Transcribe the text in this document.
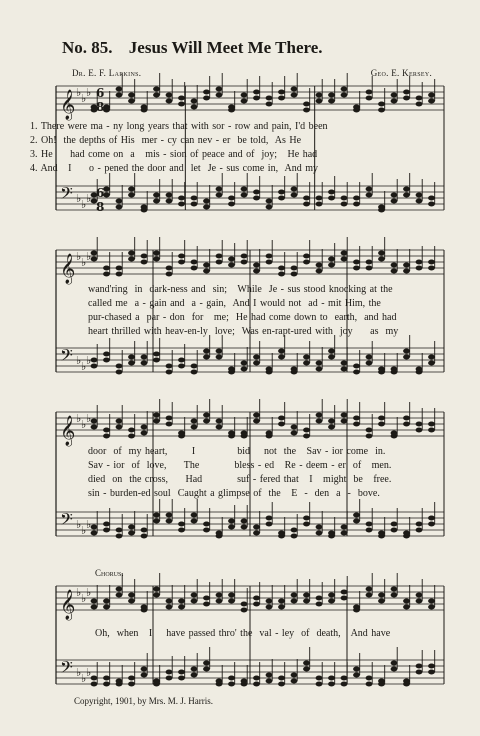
No. 85. Jesus Will Meet Me There.
Dr. E. F. Larkins.	Geo. E. Kersey.
𝄞
𝄢
♭
♭
♭
♭
♭
♭
𝄞
𝄢
♭
♭
♭
♭
♭
♭
𝄞
𝄢
♭
♭
♭
♭
♭
♭
𝄞
𝄢
♭
♭
♭
♭
♭
♭
6
8
6
8
1. There were ma - ny long years that with sor - row and pain, I'd been
2. Oh!  the depths of His  mer - cy can nev - er  be told,  As He
3. He     had come on  a   mis - sion of peace and of  joy;   He had
4. And   I     o - pened the door and  let  Je - sus come in,  And my
wand'ring  in  dark-ness and  sin;   While  Je - sus stood knocking at the
called me  a - gain and  a - gain,  And I would not  ad - mit Him, the
pur-chased a  par - don  for   me;  He had come down to  earth,  and had
heart thrilled with heav-en-ly  love;  Was en-rapt-ured with  joy     as  my
door  of  my heart,       I            bid    not  the   Sav - ior come  in.
Sav - ior  of  love,     The          bless - ed   Re - deem - er  of   men.
died  on  the cross,     Had          suf - fered that   I   might  be   free.
sin - burden-ed soul  Caught a glimpse of  the   E  -  den  a  -  bove.
Oh,  when   I    have passed thro' the  val - ley  of  death,   And have
Chorus.
Copyright, 1901, by Mrs. M. J. Harris.
